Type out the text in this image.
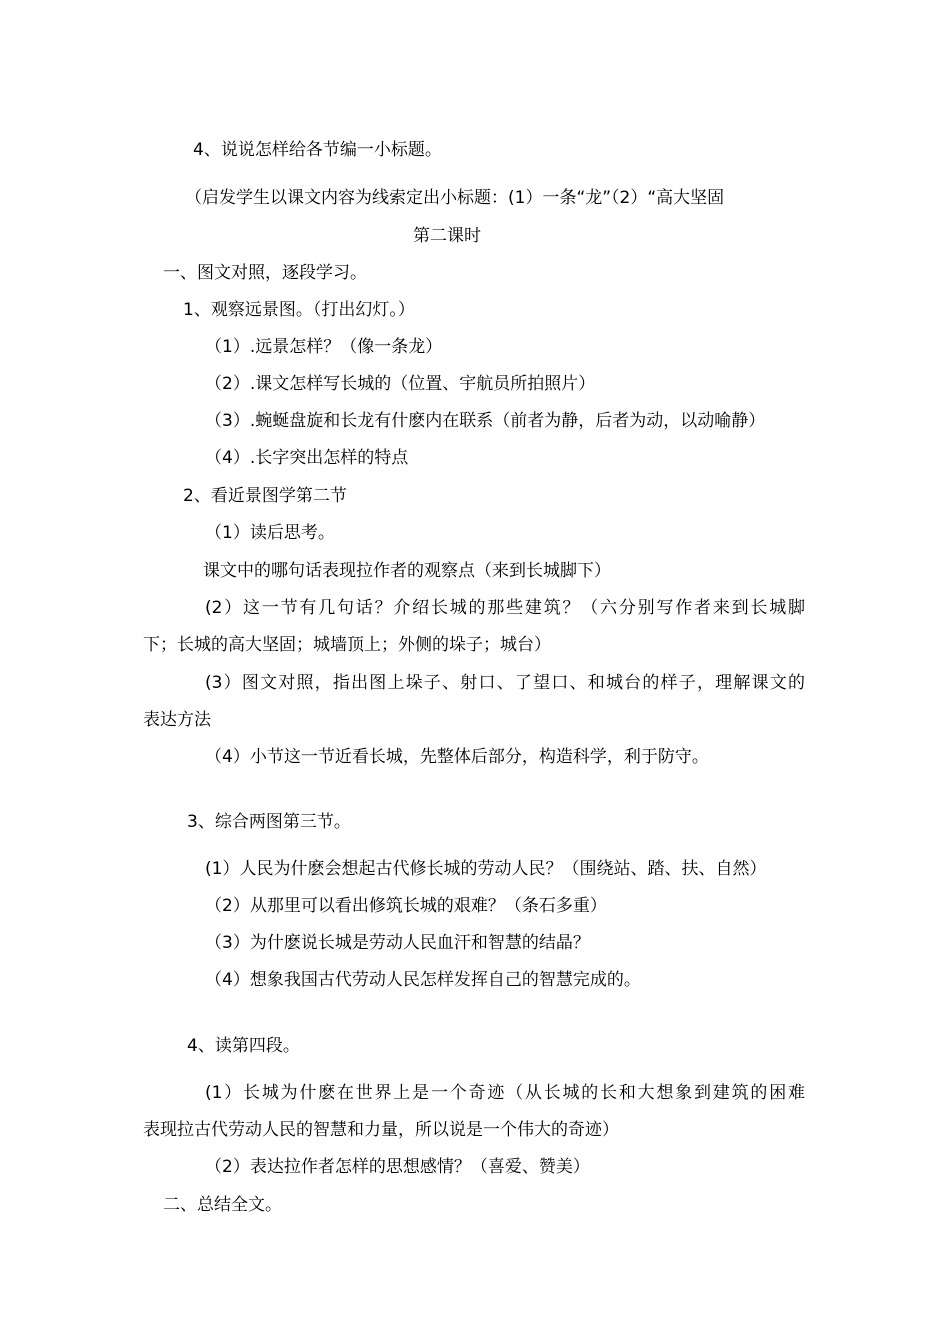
4、说说怎样给各节编一小标题。
（启发学生以课文内容为线索定出小标题：(1）一条“龙”（2）“高大坚固
第二课时
一、图文对照，逐段学习。
1、观察远景图。（打出幻灯。）
（1）.远景怎样？（像一条龙）
（2）.课文怎样写长城的（位置、宇航员所拍照片）
（3）.蜿蜒盘旋和长龙有什麽内在联系（前者为静，后者为动，以动喻静）
（4）.长字突出怎样的特点
2、看近景图学第二节
（1）读后思考。
课文中的哪句话表现拉作者的观察点（来到长城脚下）
(2）这一节有几句话？介绍长城的那些建筑？（六分别写作者来到长城脚
下；长城的高大坚固；城墙顶上；外侧的垛子；城台）
(3）图文对照，指出图上垛子、射口、了望口、和城台的样子，理解课文的
表达方法
（4）小节这一节近看长城，先整体后部分，构造科学，利于防守。
3、综合两图第三节。
(1）人民为什麽会想起古代修长城的劳动人民？（围绕站、踏、扶、自然）
（2）从那里可以看出修筑长城的艰难？（条石多重）
（3）为什麽说长城是劳动人民血汗和智慧的结晶？
（4）想象我国古代劳动人民怎样发挥自己的智慧完成的。
4、读第四段。
(1）长城为什麽在世界上是一个奇迹（从长城的长和大想象到建筑的困难
表现拉古代劳动人民的智慧和力量，所以说是一个伟大的奇迹）
（2）表达拉作者怎样的思想感情？（喜爱、赞美）
二、总结全文。
